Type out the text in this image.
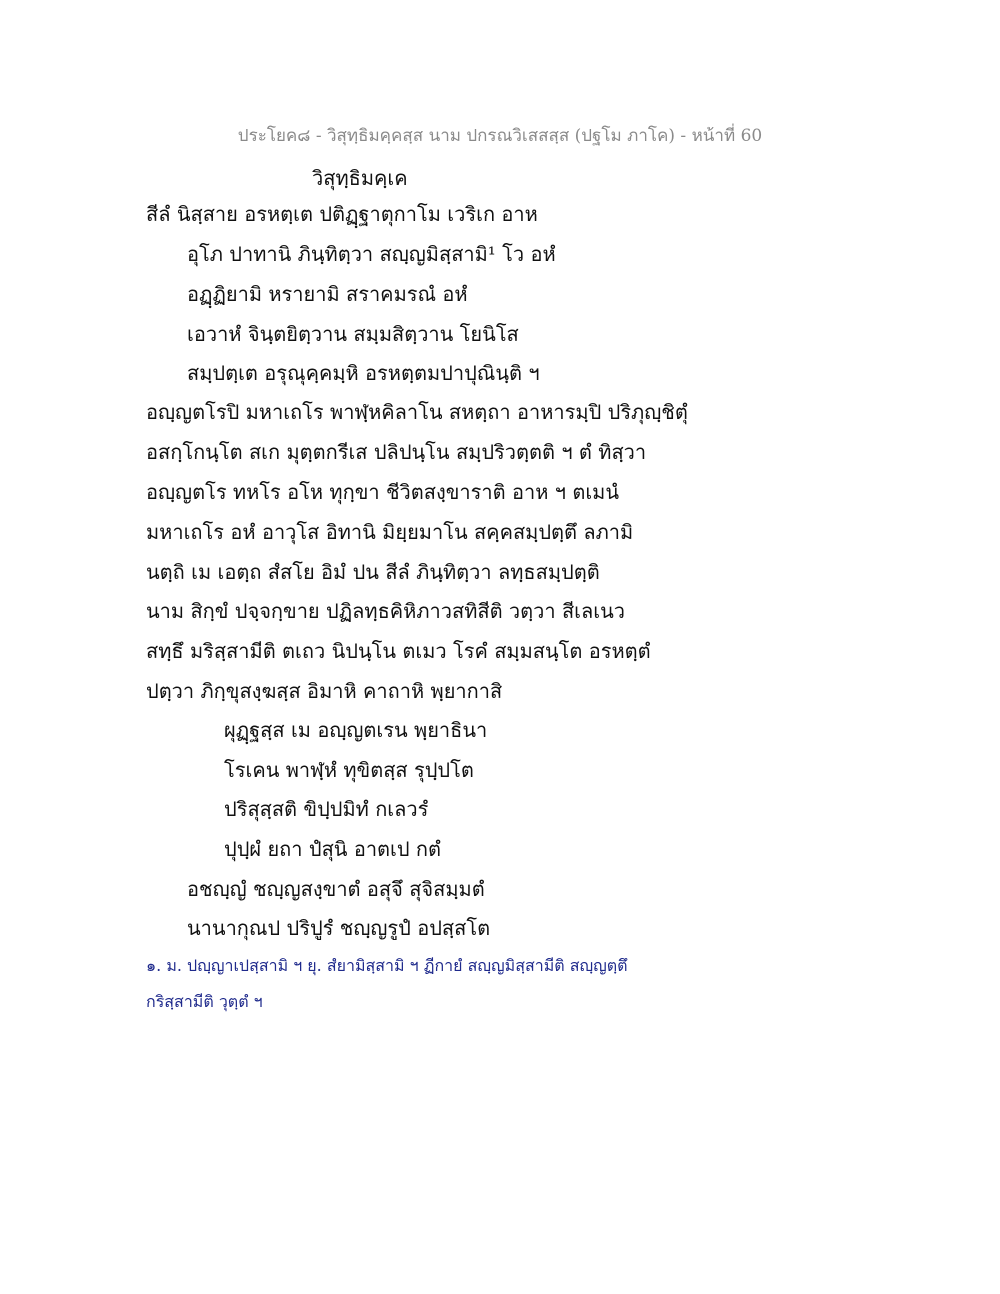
ประโยค๘ - วิสุทฺธิมคฺคสฺส นาม ปกรณวิเสสสฺส (ปฐโม ภาโค) - หน้าที่ 60
วิสุทฺธิมคฺเค
สีลํ นิสฺสาย อรหตฺเต ปติฏฺฐาตุกาโม เวริเก อาห
อุโภ ปาทานิ ภินฺทิตฺวา สญฺญมิสฺสามิ¹ โว อหํ
อฏฺฏิยามิ หรายามิ สราคมรณํ อหํ
เอวาหํ จินฺตยิตฺวาน สมฺมสิตฺวาน โยนิโส
สมฺปตฺเต อรุณุคฺคมฺหิ อรหตฺตมปาปุณินฺติ ฯ
อญฺญตโรปิ มหาเถโร พาฬฺหคิลาโน สหตฺถา อาหารมฺปิ ปริภุญฺชิตุํ
อสกฺโกนฺโต สเก มุตฺตกรีเส ปลิปนฺโน สมฺปริวตฺตติ ฯ ตํ ทิสฺวา
อญฺญตโร ทหโร อโห ทุกฺขา ชีวิตสงฺขาราติ อาห ฯ ตเมนํ
มหาเถโร อหํ อาวุโส อิทานิ มิยฺยมาโน สคฺคสมฺปตฺตึ ลภามิ
นตฺถิ เม เอตฺถ สํสโย อิมํ ปน สีลํ ภินฺทิตฺวา ลทฺธสมฺปตฺติ
นาม สิกฺขํ ปจฺจกฺขาย ปฏิลทฺธคิหิภาวสทิสีติ วตฺวา สีเลเนว
สทฺธึ มริสฺสามีติ ตเถว นิปนฺโน ตเมว โรคํ สมฺมสนฺโต อรหตฺตํ
ปตฺวา ภิกฺขุสงฺฆสฺส อิมาหิ คาถาหิ พฺยากาสิ
ผุฏฺฐสฺส เม อญฺญตเรน พฺยาธินา
โรเคน พาฬฺหํ ทุขิตสฺส รุปฺปโต
ปริสุสฺสติ ขิปฺปมิทํ กเลวรํ
ปุปฺผํ ยถา ปํสุนิ อาตเป กตํ
อชญฺญํ ชญฺญสงฺขาตํ อสุจึ สุจิสมฺมตํ
นานากุณป ปริปูรํ ชญฺญรูปํ อปสฺสโต
๑. ม. ปญฺญาเปสฺสามิ ฯ ยุ. สํยามิสฺสามิ ฯ ฏีกายํ สญฺญมิสฺสามีติ สญฺญตฺตึ
กริสฺสามีติ วุตฺตํ ฯ
